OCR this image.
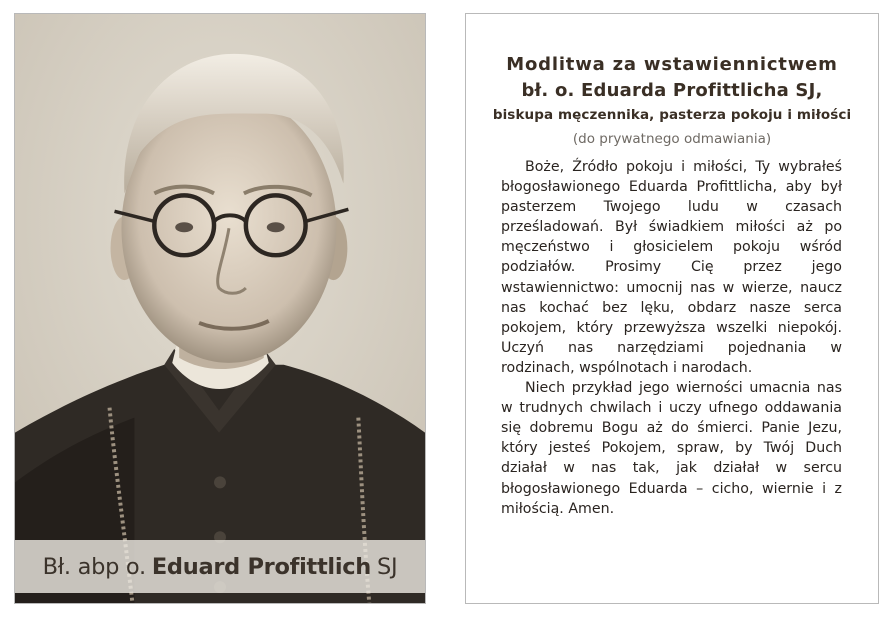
Bł. abp o. Eduard Profittlich SJ
Modlitwa za wstawiennictwem
bł. o. Eduarda Profittlicha SJ,
biskupa męczennika, pasterza pokoju i miłości
(do prywatnego odmawiania)

Boże, Źródło pokoju i miłości, Ty wybrałeś błogosławionego Eduarda Profittlicha, aby był pasterzem Twojego ludu w czasach prześladowań. Był świadkiem miłości aż po męczeństwo i głosicielem pokoju wśród podziałów. Prosimy Cię przez jego wstawiennictwo: umocnij nas w wierze, naucz nas kochać bez lęku, obdarz nasze serca pokojem, który przewyższa wszelki niepokój. Uczyń nas narzędziami pojednania w rodzinach, wspólnotach i narodach.

Niech przykład jego wierności umacnia nas w trudnych chwilach i uczy ufnego oddawania się dobremu Bogu aż do śmierci. Panie Jezu, który jesteś Pokojem, spraw, by Twój Duch działał w nas tak, jak działał w sercu błogosławionego Eduarda – cicho, wiernie i z miłością. Amen.
